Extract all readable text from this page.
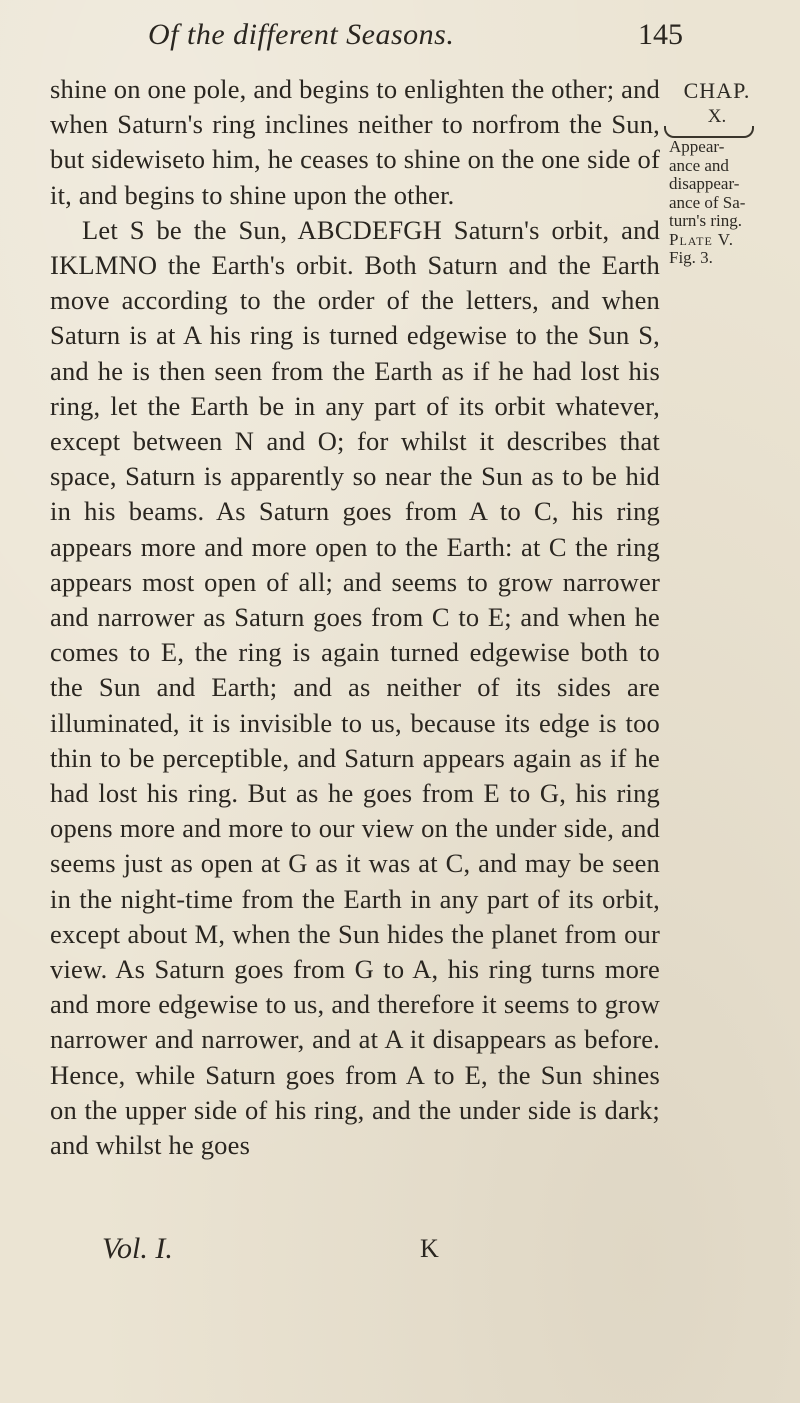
Of the different Seasons.	145
CHAP.
X.
Appear-
ance and
disappear-
ance of Sa-
turn's ring.
Plate V.
Fig. 3.

shine on one pole, and begins to enlighten the other; and when Saturn's ring inclines neither to norfrom the Sun, but sidewiseto him, he ceases to shine on the one side of it, and begins to shine upon the other.

Let S be the Sun, ABCDEFGH Saturn's orbit, and IKLMNO the Earth's orbit. Both Saturn and the Earth move according to the order of the letters, and when Saturn is at A his ring is turned edgewise to the Sun S, and he is then seen from the Earth as if he had lost his ring, let the Earth be in any part of its orbit whatever, except between N and O; for whilst it describes that space, Saturn is apparently so near the Sun as to be hid in his beams. As Saturn goes from A to C, his ring appears more and more open to the Earth: at C the ring appears most open of all; and seems to grow narrower and narrower as Saturn goes from C to E; and when he comes to E, the ring is again turned edgewise both to the Sun and Earth; and as neither of its sides are illuminated, it is invisible to us, because its edge is too thin to be perceptible, and Saturn appears again as if he had lost his ring. But as he goes from E to G, his ring opens more and more to our view on the under side, and seems just as open at G as it was at C, and may be seen in the night-time from the Earth in any part of its orbit, except about M, when the Sun hides the planet from our view. As Saturn goes from G to A, his ring turns more and more edgewise to us, and therefore it seems to grow narrower and narrower, and at A it disappears as before. Hence, while Saturn goes from A to E, the Sun shines on the upper side of his ring, and the under side is dark; and whilst he goes

Vol. I.	K
